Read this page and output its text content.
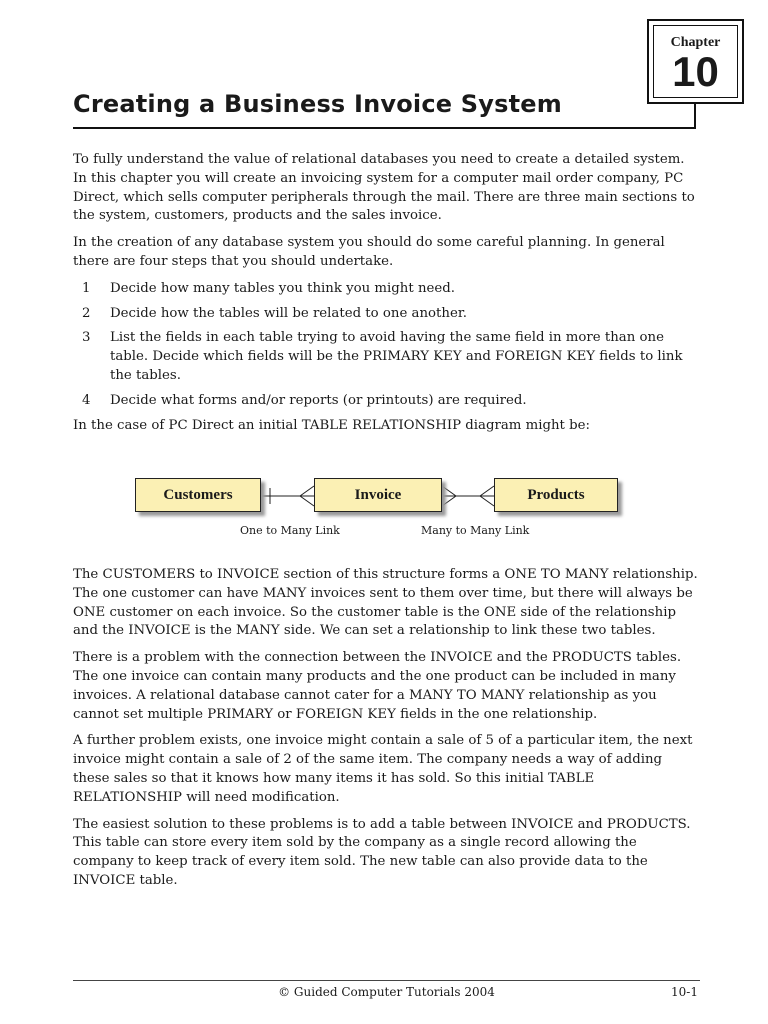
Chapter
10
Creating a Business Invoice System

To fully understand the value of relational databases you need to create a detailed system. In this chapter you will create an invoicing system for a computer mail order company, PC Direct, which sells computer peripherals through the mail. There are three main sections to the system, customers, products and the sales invoice.

In the creation of any database system you should do some careful planning. In general there are four steps that you should undertake.

1 Decide how many tables you think you might need.
2 Decide how the tables will be related to one another.
3 List the fields in each table trying to avoid having the same field in more than one table. Decide which fields will be the PRIMARY KEY and FOREIGN KEY fields to link the tables.
4 Decide what forms and/or reports (or printouts) are required.

In the case of PC Direct an initial TABLE RELATIONSHIP diagram might be:

Customers	Invoice	Products
One to Many Link	Many to Many Link

The CUSTOMERS to INVOICE section of this structure forms a ONE TO MANY relationship. The one customer can have MANY invoices sent to them over time, but there will always be ONE customer on each invoice. So the customer table is the ONE side of the relationship and the INVOICE is the MANY side. We can set a relationship to link these two tables.

There is a problem with the connection between the INVOICE and the PRODUCTS tables. The one invoice can contain many products and the one product can be included in many invoices. A relational database cannot cater for a MANY TO MANY relationship as you cannot set multiple PRIMARY or FOREIGN KEY fields in the one relationship.

A further problem exists, one invoice might contain a sale of 5 of a particular item, the next invoice might contain a sale of 2 of the same item. The company needs a way of adding these sales so that it knows how many items it has sold. So this initial TABLE RELATIONSHIP will need modification.

The easiest solution to these problems is to add a table between INVOICE and PRODUCTS. This table can store every item sold by the company as a single record allowing the company to keep track of every item sold. The new table can also provide data to the INVOICE table.

© Guided Computer Tutorials 2004	10-1
